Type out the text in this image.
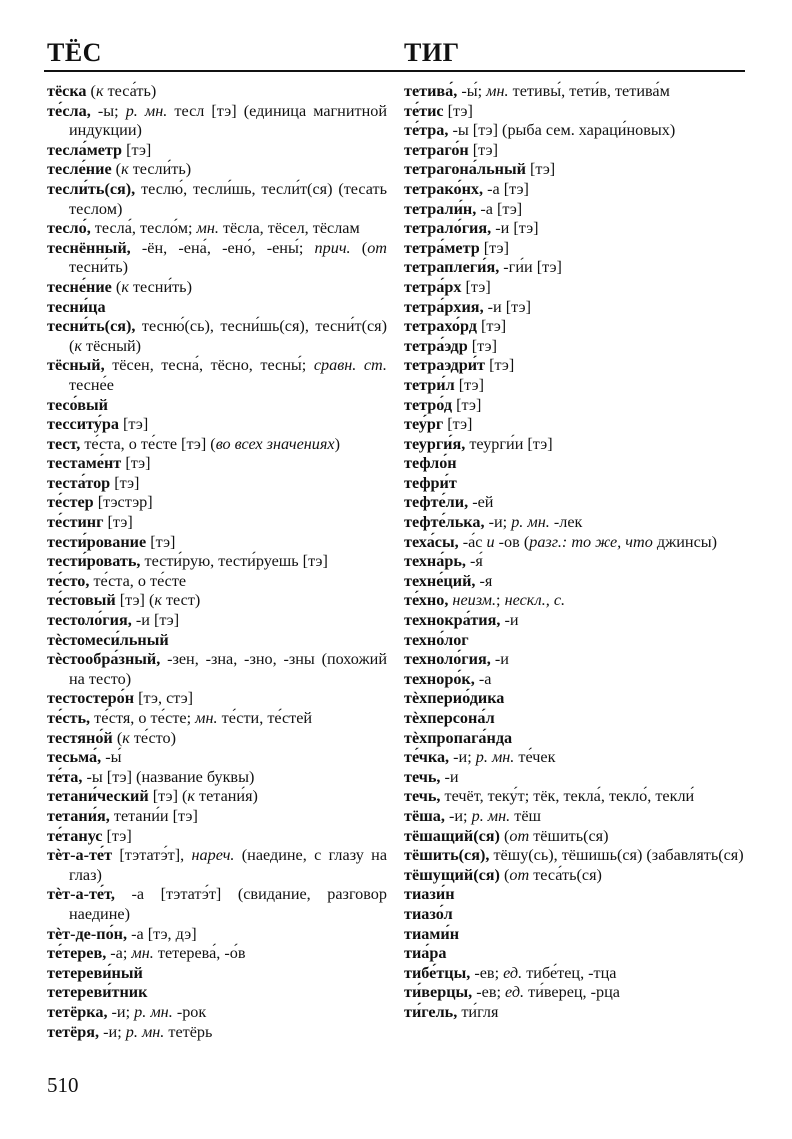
ТЁС	ТИГ
тёска (к теса́ть)
те́сла, -ы; р. мн. тесл [тэ] (единица магнитной индукции)
тесла́метр [тэ]
тесле́ние (к тесли́ть)
тесли́ть(ся), теслю́, тесли́шь, тесли́т(ся) (тесать теслом)
тесло́, тесла́, тесло́м; мн. тёсла, тёсел, тёслам
теснённый, -ён, -ена́, -ено́, -ены́; прич. (от тесни́ть)
тесне́ние (к тесни́ть)
тесни́ца
тесни́ть(ся), тесню́(сь), тесни́шь(ся), тесни́т(ся) (к тёсный)
тёсный, тёсен, тесна́, тёсно, тесны́; сравн. ст. тесне́е
тесо́вый
тесситу́ра [тэ]
тест, те́ста, о те́сте [тэ] (во всех значениях)
тестаме́нт [тэ]
теста́тор [тэ]
те́стер [тэстэр]
те́стинг [тэ]
тести́рование [тэ]
тести́ровать, тести́рую, тести́руешь [тэ]
те́сто, те́ста, о те́сте
те́стовый [тэ] (к тест)
тестоло́гия, -и [тэ]
тѐстомеси́льный
тѐстообра́зный, -зен, -зна, -зно, -зны (похожий на тесто)
тестостеро́н [тэ, стэ]
те́сть, те́стя, о те́сте; мн. те́сти, те́стей
тестяно́й (к те́сто)
тесьма́, -ы́
те́та, -ы [тэ] (название буквы)
тетани́ческий [тэ] (к тетани́я)
тетани́я, тетани́и [тэ]
те́танус [тэ]
тѐт-а-те́т [тэтатэ́т], нареч. (наедине, с глазу на глаз)
тѐт-а-те́т, -а [тэтатэ́т] (свидание, разговор наедине)
тѐт-де-по́н, -а [тэ, дэ]
те́терев, -а; мн. тетерева́, -о́в
тетереви́ный
тетереви́тник
тетёрка, -и; р. мн. -рок
тетёря, -и; р. мн. тетёрь
тетива́, -ы́; мн. тетивы́, тети́в, тетива́м
те́тис [тэ]
те́тра, -ы [тэ] (рыба сем. харaци́новых)
тетраго́н [тэ]
тетрагона́льный [тэ]
тетрако́нх, -а [тэ]
тетрали́н, -а [тэ]
тетрало́гия, -и [тэ]
тетра́метр [тэ]
тетраплеги́я, -ги́и [тэ]
тетра́рх [тэ]
тетра́рхия, -и [тэ]
тетрахо́рд [тэ]
тетра́эдр [тэ]
тетраэдри́т [тэ]
тетри́л [тэ]
тетро́д [тэ]
теу́рг [тэ]
теурги́я, теурги́и [тэ]
тефло́н
тефри́т
тефте́ли, -ей
тефте́лька, -и; р. мн. -лек
теха́сы, -а́с и -ов (разг.: то же, что джинсы)
техна́рь, -я́
техне́ций, -я
те́хно, неизм.; нескл., с.
технокра́тия, -и
техно́лог
техноло́гия, -и
техноро́к, -а
тѐхперио́дика
тѐхперсона́л
тѐхпропага́нда
те́чка, -и; р. мн. те́чек
течь, -и
течь, течёт, теку́т; тёк, текла́, текло́, текли́
тёша, -и; р. мн. тёш
тёшащий(ся) (от тёшить(ся)
тёшить(ся), тёшу(сь), тёшишь(ся) (забавлять(ся)
тёшущий(ся) (от теса́ть(ся)
тиази́н
тиазо́л
тиами́н
тиа́ра
тибе́тцы, -ев; ед. тибе́тец, -тца
ти́верцы, -ев; ед. ти́верец, -рца
ти́гель, ти́гля
510
